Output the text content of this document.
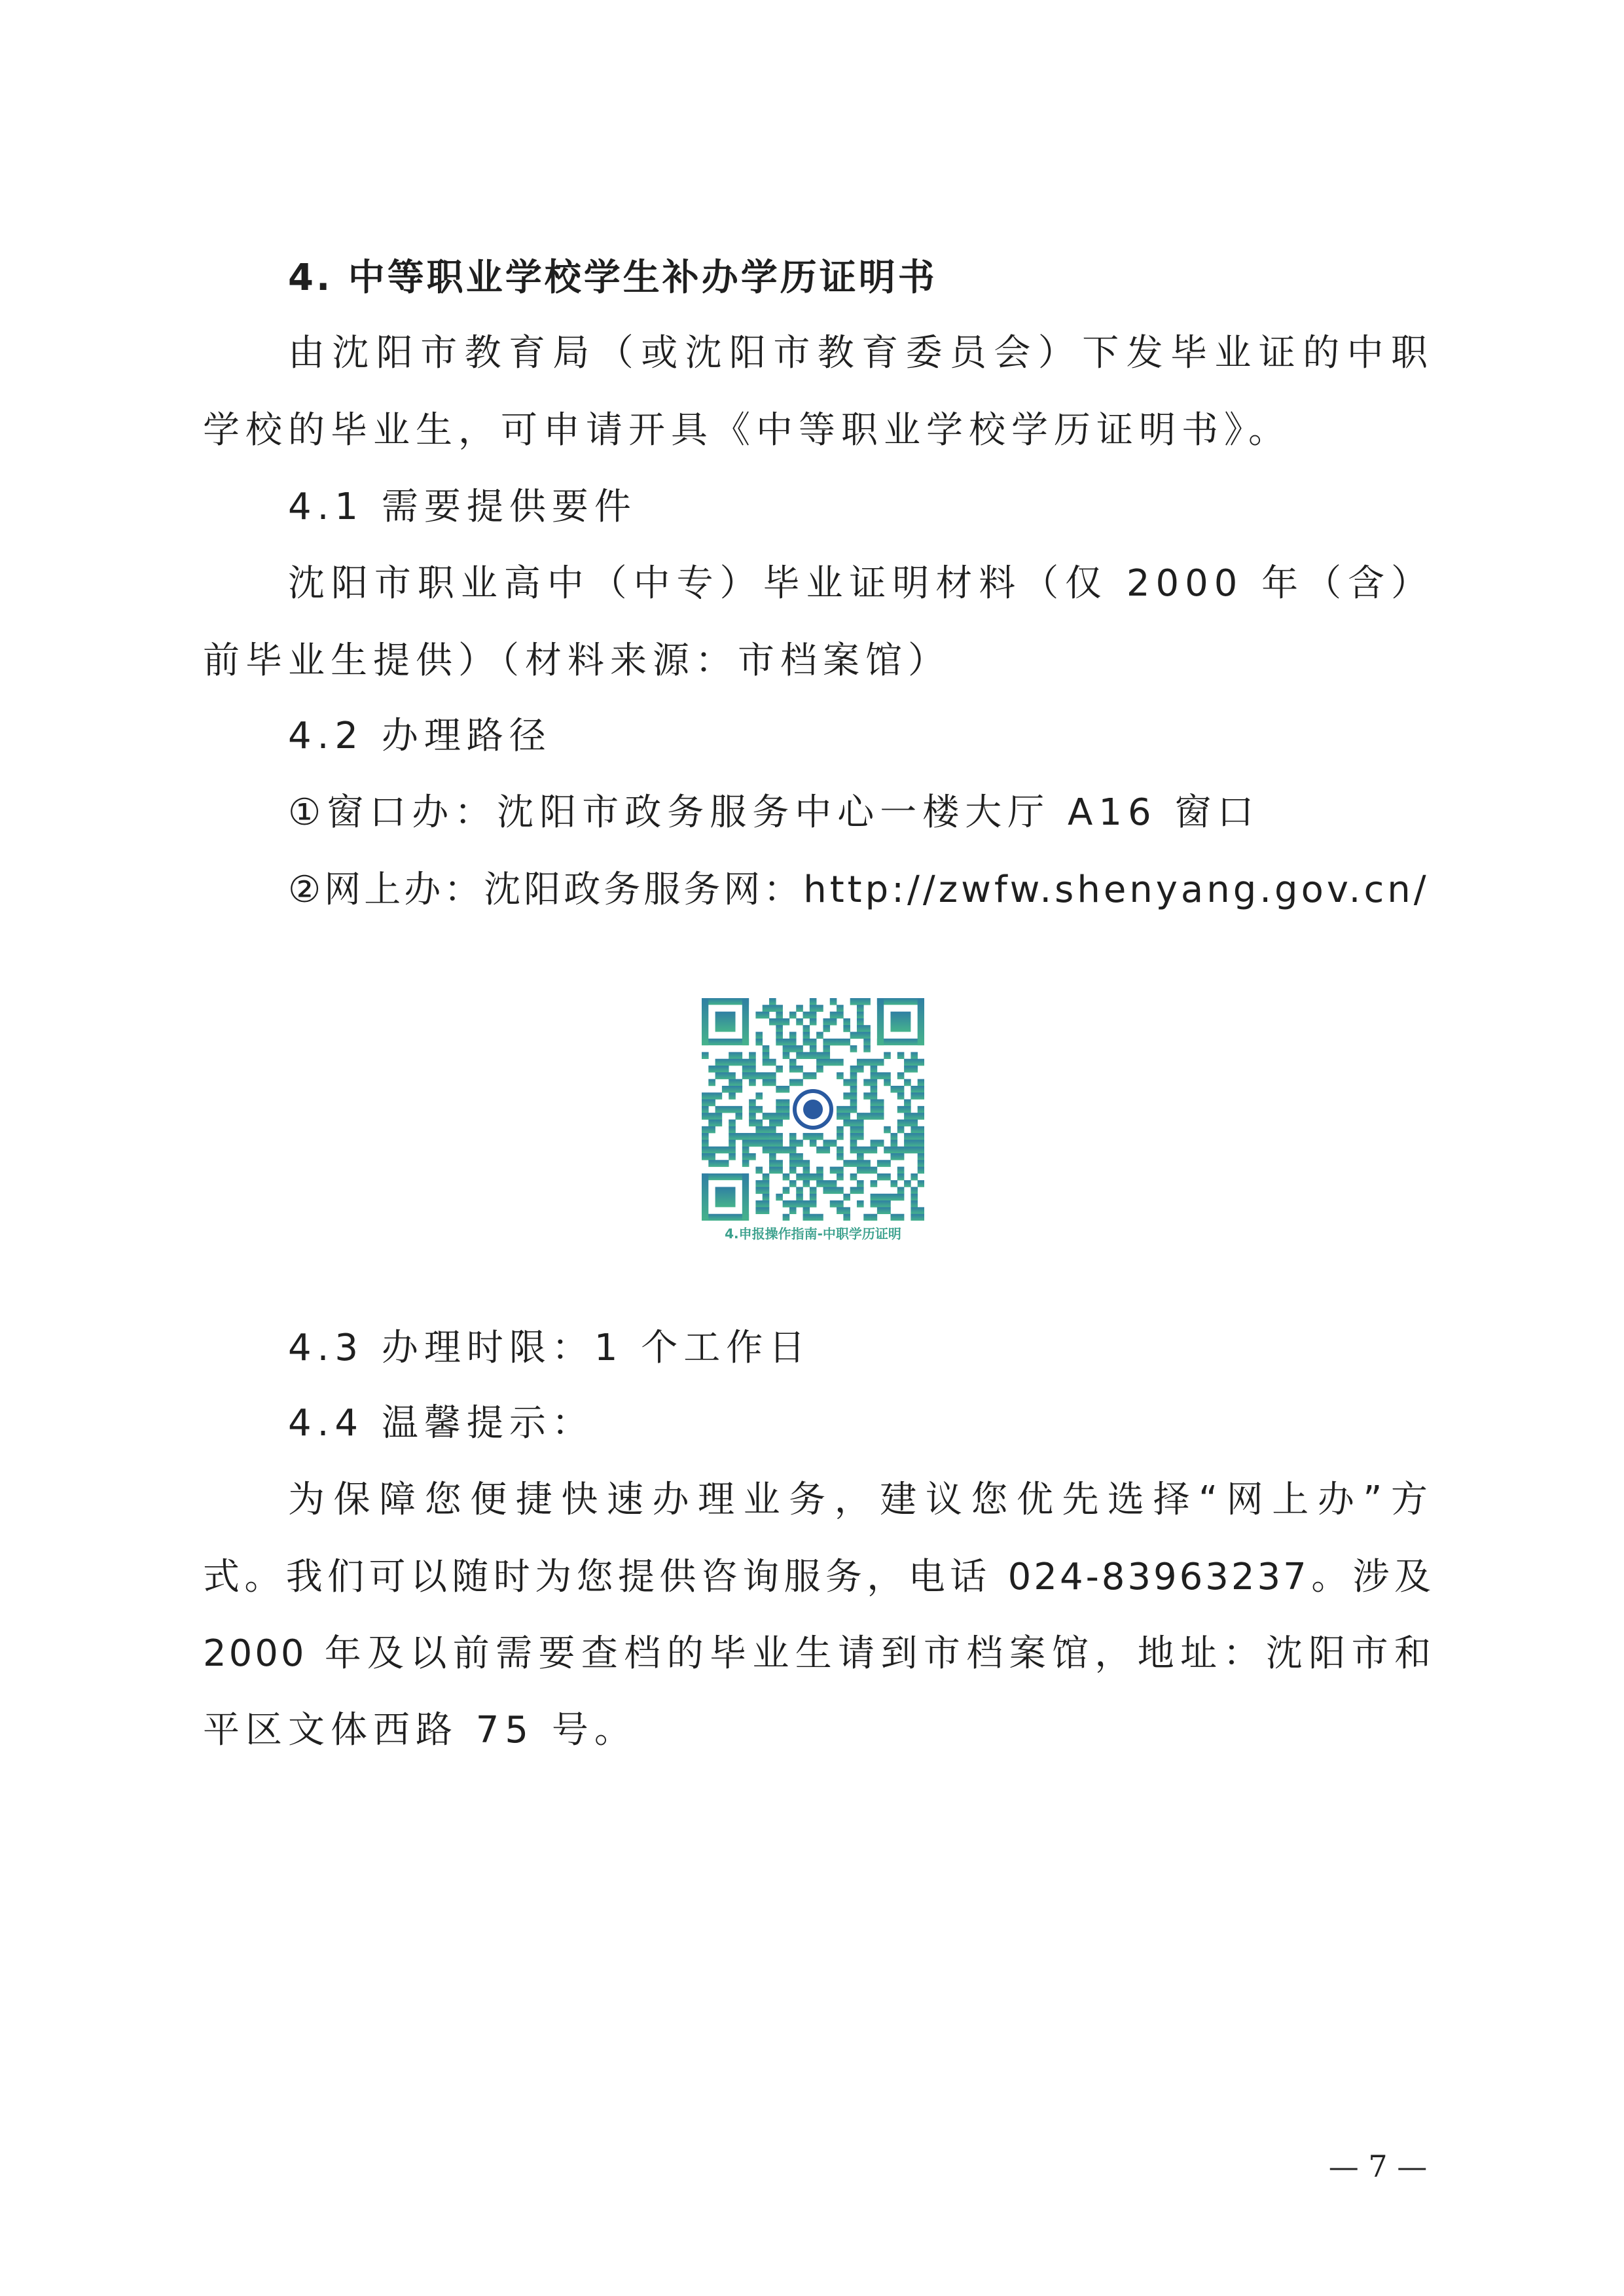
4. 中等职业学校学生补办学历证明书
由沈阳市教育局（或沈阳市教育委员会）下发毕业证的中职
学校的毕业生，可申请开具《中等职业学校学历证明书》。
4.1 需要提供要件
沈阳市职业高中（中专）毕业证明材料（仅 2000 年（含）
前毕业生提供）（材料来源：市档案馆）
4.2 办理路径
①窗口办：沈阳市政务服务中心一楼大厅 A16 窗口
②网上办：沈阳政务服务网：http://zwfw.shenyang.gov.cn/
4.申报操作指南-中职学历证明
4.3 办理时限：1 个工作日
4.4 温馨提示：
为保障您便捷快速办理业务，建议您优先选择“网上办”方
式。我们可以随时为您提供咨询服务，电话 024-83963237。涉及
2000 年及以前需要查档的毕业生请到市档案馆，地址：沈阳市和
平区文体西路 75 号。
— 7 —
